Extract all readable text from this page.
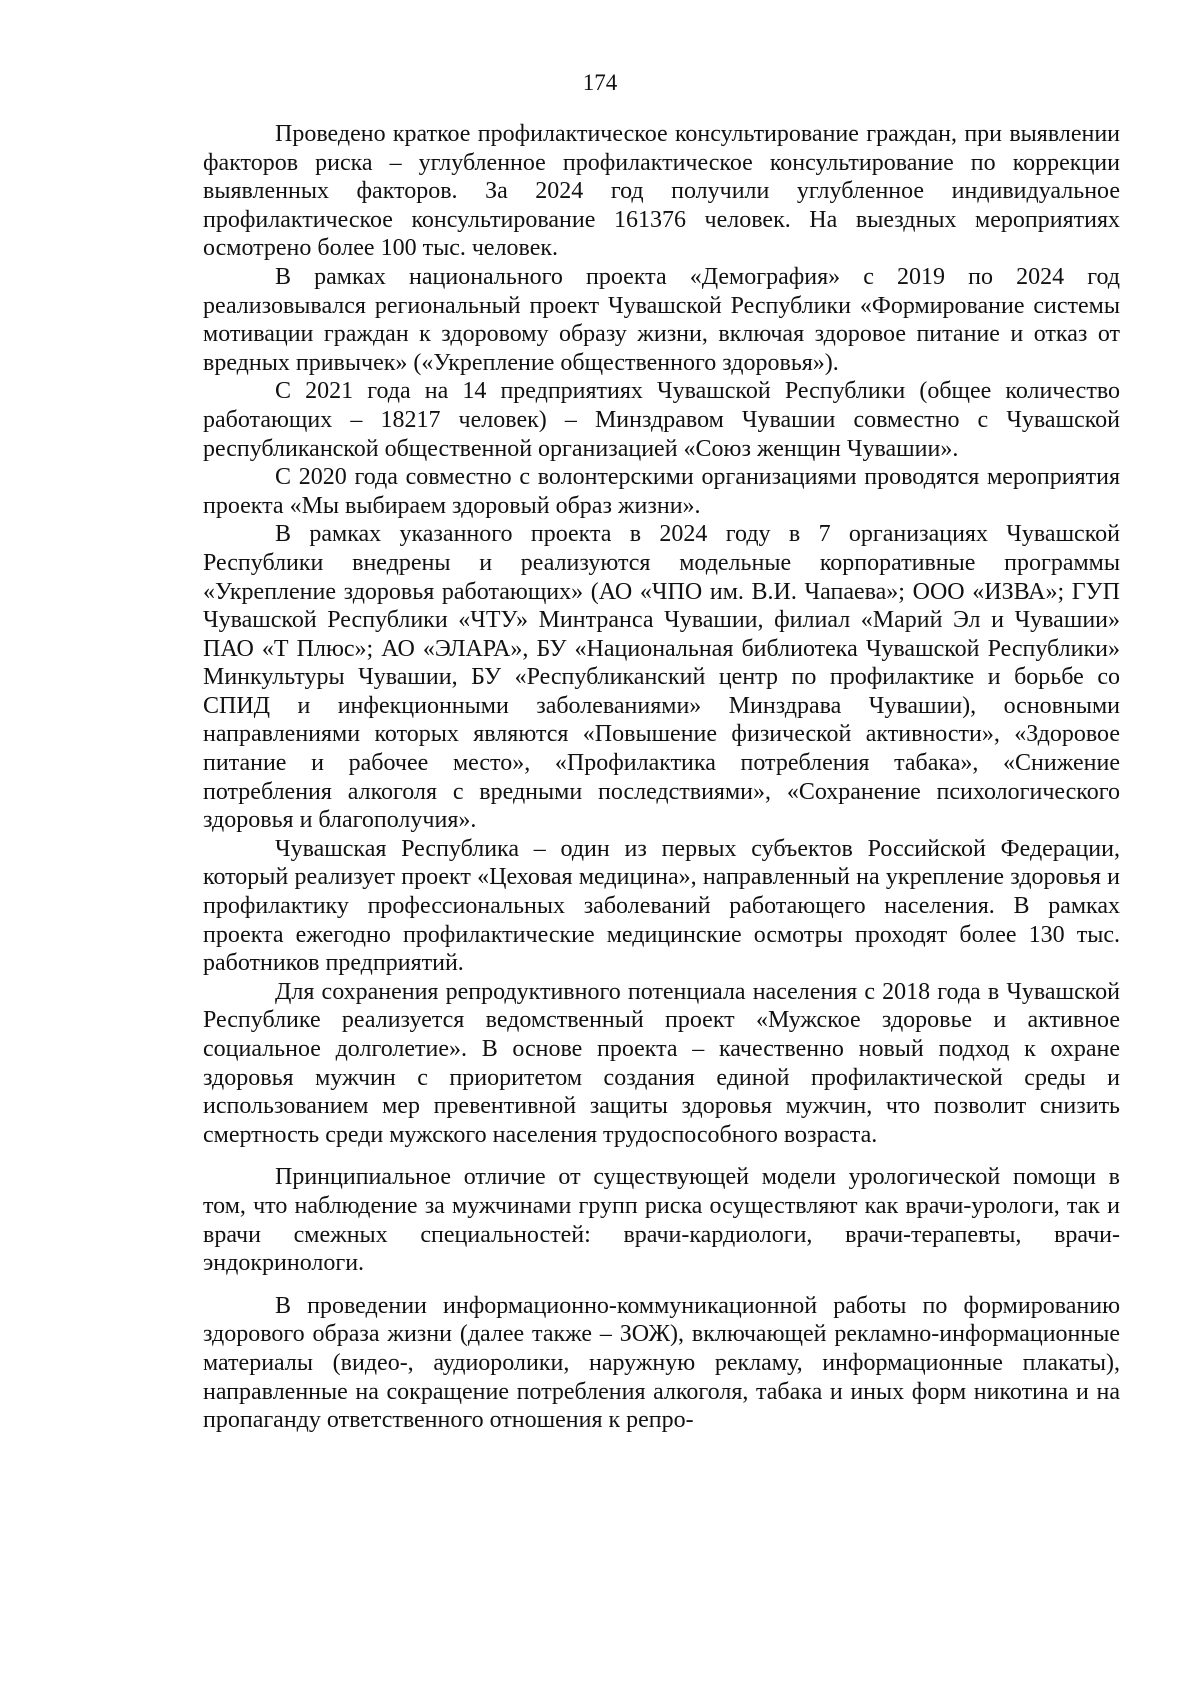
174

Проведено краткое профилактическое консультирование граждан, при выявлении факторов риска – углубленное профилактическое консультирование по коррекции выявленных факторов. За 2024 год получили углубленное индивидуальное профилактическое консультирование 161376 человек. На выездных мероприятиях осмотрено более 100 тыс. человек.

В рамках национального проекта «Демография» с 2019 по 2024 год реализовывался региональный проект Чувашской Республики «Формирование системы мотивации граждан к здоровому образу жизни, включая здоровое питание и отказ от вредных привычек» («Укрепление общественного здоровья»).

С 2021 года на 14 предприятиях Чувашской Республики (общее количество работающих – 18217 человек) – Минздравом Чувашии совместно с Чувашской республиканской общественной организацией «Союз женщин Чувашии».

С 2020 года совместно с волонтерскими организациями проводятся мероприятия проекта «Мы выбираем здоровый образ жизни».

В рамках указанного проекта в 2024 году в 7 организациях Чувашской Республики внедрены и реализуются модельные корпоративные программы «Укрепление здоровья работающих» (АО «ЧПО им. В.И. Чапаева»; ООО «ИЗВА»; ГУП Чувашской Республики «ЧТУ» Минтранса Чувашии, филиал «Марий Эл и Чувашии» ПАО «Т Плюс»; АО «ЭЛАРА», БУ «Национальная библиотека Чувашской Республики» Минкультуры Чувашии, БУ «Республиканский центр по профилактике и борьбе со СПИД и инфекционными заболеваниями» Минздрава Чувашии), основными направлениями которых являются «Повышение физической активности», «Здоровое питание и рабочее место», «Профилактика потребления табака», «Снижение потребления алкоголя с вредными последствиями», «Сохранение психологического здоровья и благополучия».

Чувашская Республика – один из первых субъектов Российской Федерации, который реализует проект «Цеховая медицина», направленный на укрепление здоровья и профилактику профессиональных заболеваний работающего населения. В рамках проекта ежегодно профилактические медицинские осмотры проходят более 130 тыс. работников предприятий.

Для сохранения репродуктивного потенциала населения с 2018 года в Чувашской Республике реализуется ведомственный проект «Мужское здоровье и активное социальное долголетие». В основе проекта – качественно новый подход к охране здоровья мужчин с приоритетом создания единой профилактической среды и использованием мер превентивной защиты здоровья мужчин, что позволит снизить смертность среди мужского населения трудоспособного возраста.

Принципиальное отличие от существующей модели урологической помощи в том, что наблюдение за мужчинами групп риска осуществляют как врачи-урологи, так и врачи смежных специальностей: врачи-кардиологи, врачи-терапевты, врачи-эндокринологи.

В проведении информационно-коммуникационной работы по формированию здорового образа жизни (далее также – ЗОЖ), включающей рекламно-информационные материалы (видео-, аудиоролики, наружную рекламу, информационные плакаты), направленные на сокращение потребления алкоголя, табака и иных форм никотина и на пропаганду ответственного отношения к репро-
